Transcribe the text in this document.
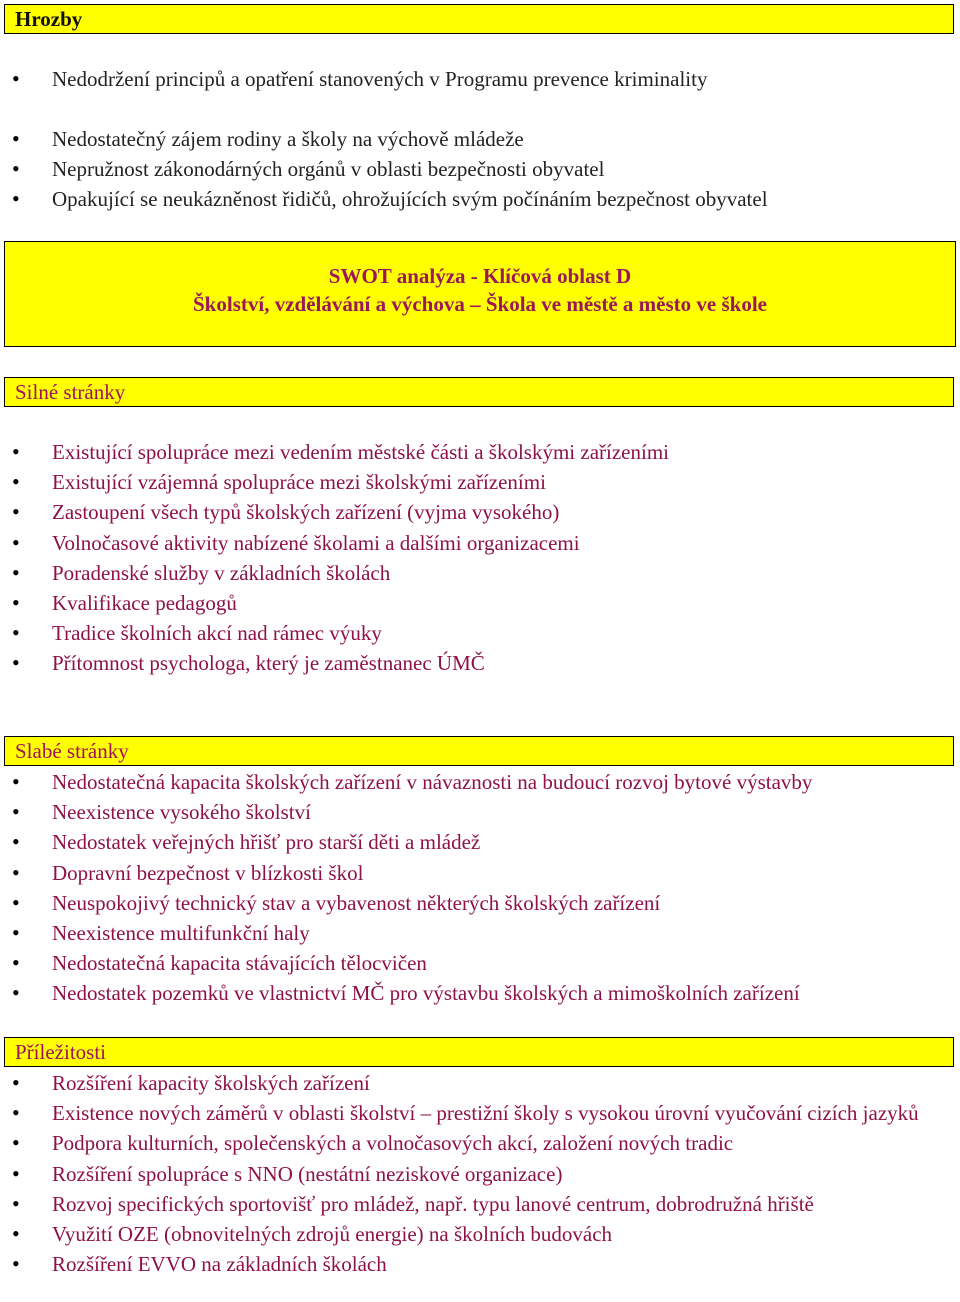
Hrozby
• Nedodržení principů a opatření stanovených v Programu prevence kriminality
• Nedostatečný zájem rodiny a školy na výchově mládeže
• Nepružnost zákonodárných orgánů v oblasti bezpečnosti obyvatel
• Opakující se neukázněnost řidičů, ohrožujících svým počínáním bezpečnost obyvatel
SWOT analýza - Klíčová oblast D
Školství, vzdělávání a výchova – Škola ve městě a město ve škole
Silné stránky
• Existující spolupráce mezi vedením městské části a školskými zařízeními
• Existující vzájemná spolupráce mezi školskými zařízeními
• Zastoupení všech typů školských zařízení (vyjma vysokého)
• Volnočasové aktivity nabízené školami a dalšími organizacemi
• Poradenské služby v základních školách
• Kvalifikace pedagogů
• Tradice školních akcí nad rámec výuky
• Přítomnost psychologa, který je zaměstnanec ÚMČ
Slabé stránky
• Nedostatečná kapacita školských zařízení v návaznosti na budoucí rozvoj bytové výstavby
• Neexistence vysokého školství
• Nedostatek veřejných hřišť pro starší děti a mládež
• Dopravní bezpečnost v blízkosti škol
• Neuspokojivý technický stav a vybavenost některých školských zařízení
• Neexistence multifunkční haly
• Nedostatečná kapacita stávajících tělocvičen
• Nedostatek pozemků ve vlastnictví MČ pro výstavbu školských a mimoškolních zařízení
Příležitosti
• Rozšíření kapacity školských zařízení
• Existence nových záměrů v oblasti školství – prestižní školy s vysokou úrovní vyučování cizích jazyků
• Podpora kulturních, společenských a volnočasových akcí, založení nových tradic
• Rozšíření spolupráce s NNO (nestátní neziskové organizace)
• Rozvoj specifických sportovišť pro mládež, např. typu lanové centrum, dobrodružná hřiště
• Využití OZE (obnovitelných zdrojů energie) na školních budovách
• Rozšíření EVVO na základních školách
